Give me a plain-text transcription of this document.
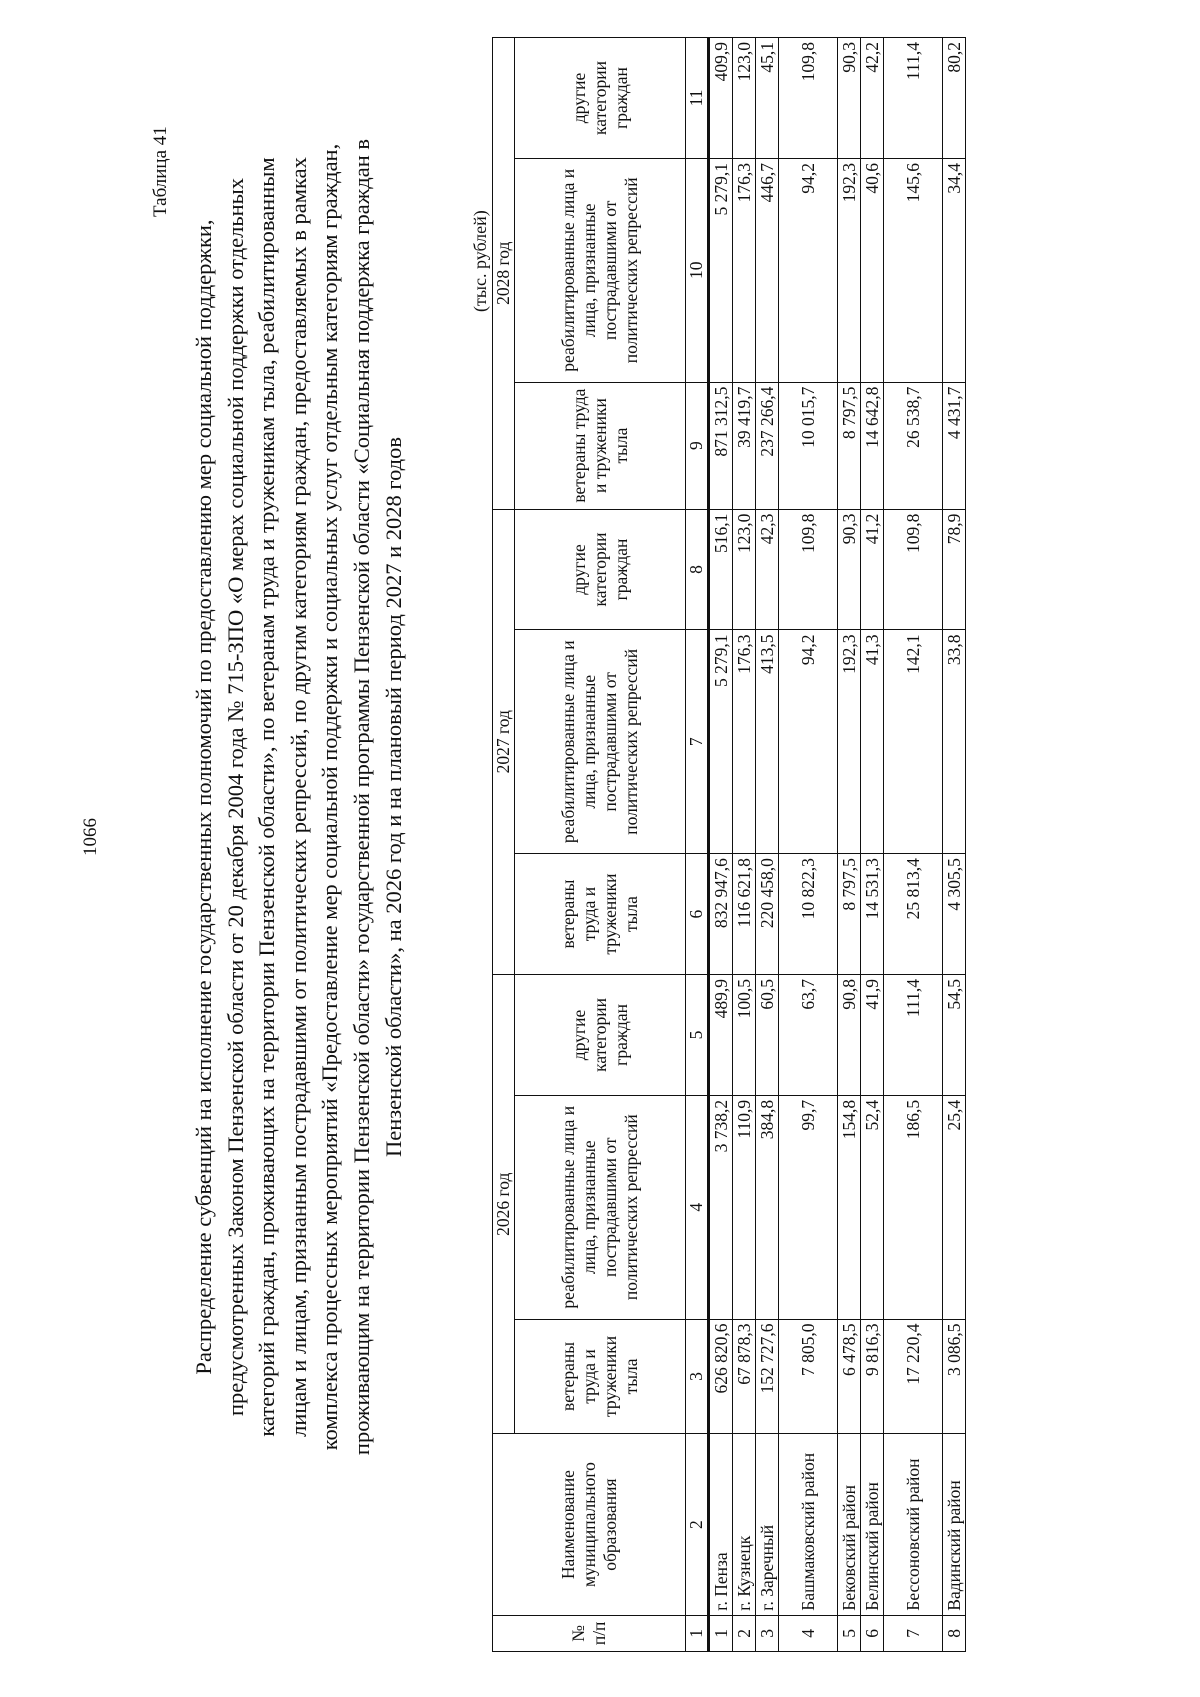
1066
Таблица 41
Распределение субвенций на исполнение государственных полномочий по предоставлению мер социальной поддержки, предусмотренных Законом Пензенской области от 20 декабря 2004 года № 715-ЗПО «О мерах социальной поддержки отдельных категорий граждан, проживающих на территории Пензенской области», по ветеранам труда и труженикам тыла, реабилитированным лицам и лицам, признанным пострадавшими от политических репрессий, по другим категориям граждан, предоставляемых в рамках комплекса процессных мероприятий «Предоставление мер социальной поддержки и социальных услуг отдельным категориям граждан, проживающим на территории Пензенской области» государственной программы Пензенской области «Социальная поддержка граждан в Пензенской области», на 2026 год и на плановый период 2027 и 2028 годов
(тыс. рублей)
№ п/п	Наименование муниципального образования	2026 год			2027 год			2028 год		
		ветераны труда и труженики тыла	реабилитированные лица и лица, признанные пострадавшими от политических репрессий	другие категории граждан	ветераны труда и труженики тыла	реабилитированные лица и лица, признанные пострадавшими от политических репрессий	другие категории граждан	ветераны труда и труженики тыла	реабилитированные лица и лица, признанные пострадавшими от политических репрессий	другие категории граждан
1	2	3	4	5	6	7	8	9	10	11
1	г. Пенза	626 820,6	3 738,2	489,9	832 947,6	5 279,1	516,1	871 312,5	5 279,1	409,9
2	г. Кузнецк	67 878,3	110,9	100,5	116 621,8	176,3	123,0	39 419,7	176,3	123,0
3	г. Заречный	152 727,6	384,8	60,5	220 458,0	413,5	42,3	237 266,4	446,7	45,1
4	Башмаковский район	7 805,0	99,7	63,7	10 822,3	94,2	109,8	10 015,7	94,2	109,8
5	Бековский район	6 478,5	154,8	90,8	8 797,5	192,3	90,3	8 797,5	192,3	90,3
6	Белинский район	9 816,3	52,4	41,9	14 531,3	41,3	41,2	14 642,8	40,6	42,2
7	Бессоновский район	17 220,4	186,5	111,4	25 813,4	142,1	109,8	26 538,7	145,6	111,4
8	Вадинский район	3 086,5	25,4	54,5	4 305,5	33,8	78,9	4 431,7	34,4	80,2
